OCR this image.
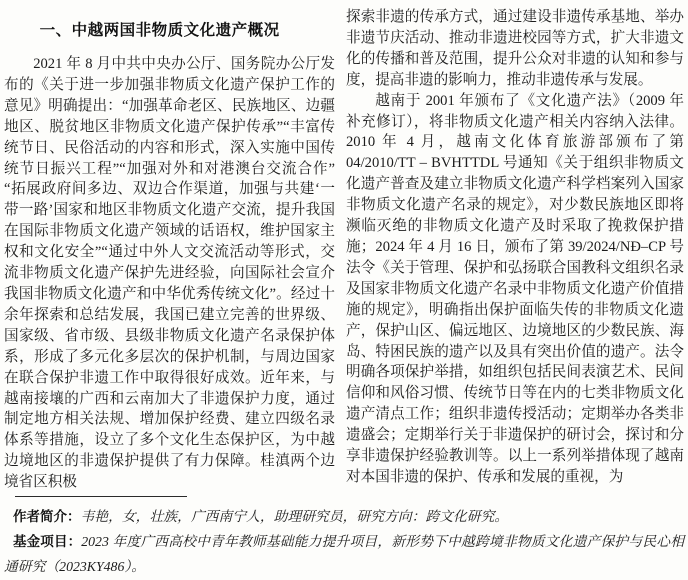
一、中越两国非物质文化遗产概况

2021 年 8 月中共中央办公厅、国务院办公厅发布的《关于进一步加强非物质文化遗产保护工作的意见》明确提出：“加强革命老区、民族地区、边疆地区、脱贫地区非物质文化遗产保护传承”“丰富传统节日、民俗活动的内容和形式，深入实施中国传统节日振兴工程”“加强对外和对港澳台交流合作”“拓展政府间多边、双边合作渠道，加强与共建‘一带一路’国家和地区非物质文化遗产交流，提升我国在国际非物质文化遗产领域的话语权，维护国家主权和文化安全”“通过中外人文交流活动等形式，交流非物质文化遗产保护先进经验，向国际社会宣介我国非物质文化遗产和中华优秀传统文化”。经过十余年探索和总结发展，我国已建立完善的世界级、国家级、省市级、县级非物质文化遗产名录保护体系，形成了多元化多层次的保护机制，与周边国家在联合保护非遗工作中取得很好成效。近年来，与越南接壤的广西和云南加大了非遗保护力度，通过制定地方相关法规、增加保护经费、建立四级名录体系等措施，设立了多个文化生态保护区，为中越边境地区的非遗保护提供了有力保障。桂滇两个边境省区积极

探索非遗的传承方式，通过建设非遗传承基地、举办非遗节庆活动、推动非遗进校园等方式，扩大非遗文化的传播和普及范围，提升公众对非遗的认知和参与度，提高非遗的影响力，推动非遗传承与发展。

越南于 2001 年颁布了《文化遗产法》（2009 年补充修订），将非物质文化遗产相关内容纳入法律。2010 年 4 月，越南文化体育旅游部颁布了第 04/2010/TT – BVHTTDL 号通知《关于组织非物质文化遗产普查及建立非物质文化遗产科学档案列入国家非物质文化遗产名录的规定》，对少数民族地区即将濒临灭绝的非物质文化遗产及时采取了挽救保护措施；2024 年 4 月 16 日，颁布了第 39/2024/NĐ–CP 号法令《关于管理、保护和弘扬联合国教科文组织名录及国家非物质文化遗产名录中非物质文化遗产价值措施的规定》，明确指出保护面临失传的非物质文化遗产，保护山区、偏远地区、边境地区的少数民族、海岛、特困民族的遗产以及具有突出价值的遗产。法令明确各项保护举措，如组织包括民间表演艺术、民间信仰和风俗习惯、传统节日等在内的七类非物质文化遗产清点工作；组织非遗传授活动；定期举办各类非遗盛会；定期举行关于非遗保护的研讨会，探讨和分享非遗保护经验教训等。以上一系列举措体现了越南对本国非遗的保护、传承和发展的重视，为

作者简介：韦艳，女，壮族，广西南宁人，助理研究员，研究方向：跨文化研究。

基金项目：2023 年度广西高校中青年教师基础能力提升项目，新形势下中越跨境非物质文化遗产保护与民心相通研究（2023KY486）。
